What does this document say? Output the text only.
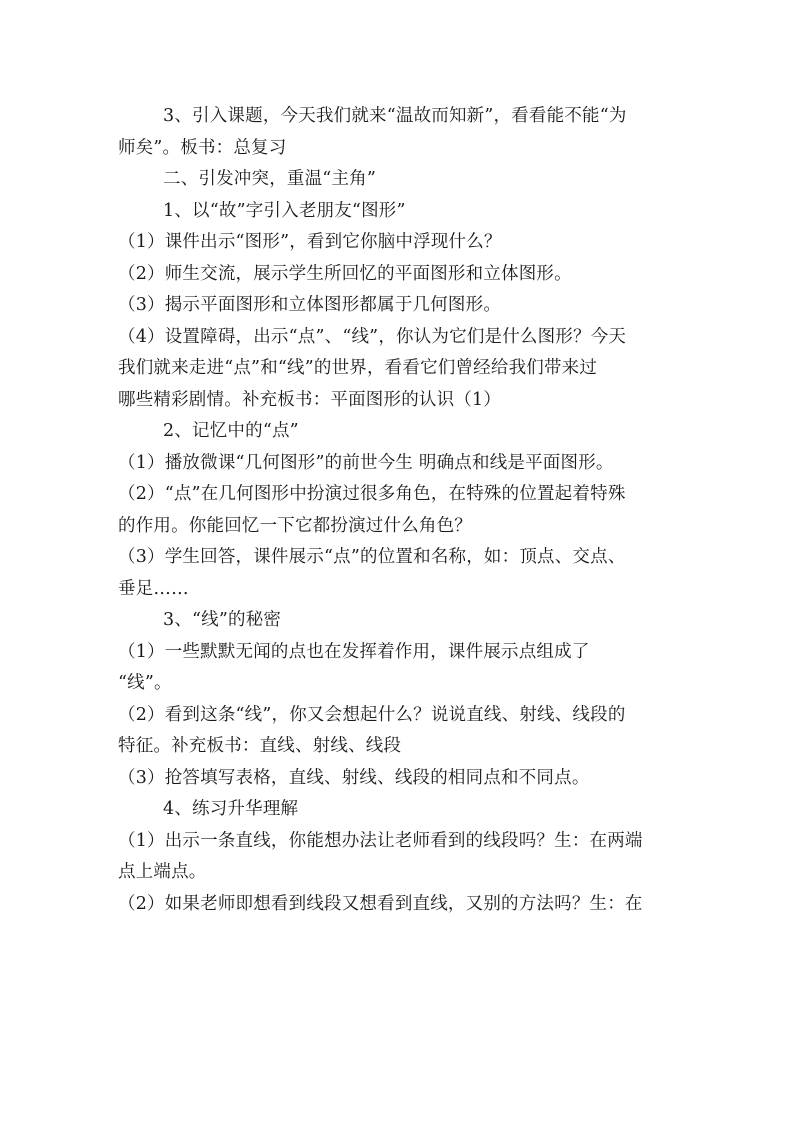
3、引入课题，今天我们就来“温故而知新”，看看能不能“为
师矣”。板书：总复习
二、引发冲突，重温“主角”
1、以“故”字引入老朋友“图形”
（1）课件出示“图形”，看到它你脑中浮现什么？
（2）师生交流，展示学生所回忆的平面图形和立体图形。
（3）揭示平面图形和立体图形都属于几何图形。
（4）设置障碍，出示“点”、“线”，你认为它们是什么图形？今天
我们就来走进“点”和“线”的世界，看看它们曾经给我们带来过
哪些精彩剧情。补充板书：平面图形的认识（1）
2、记忆中的“点”
（1）播放微课“几何图形”的前世今生 明确点和线是平面图形。
（2）“点”在几何图形中扮演过很多角色，在特殊的位置起着特殊
的作用。你能回忆一下它都扮演过什么角色？
（3）学生回答，课件展示“点”的位置和名称，如：顶点、交点、
垂足……
3、“线”的秘密
（1）一些默默无闻的点也在发挥着作用，课件展示点组成了
“线”。
（2）看到这条“线”，你又会想起什么？说说直线、射线、线段的
特征。补充板书：直线、射线、线段
（3）抢答填写表格，直线、射线、线段的相同点和不同点。
4、练习升华理解
（1）出示一条直线，你能想办法让老师看到的线段吗？生：在两端
点上端点。
（2）如果老师即想看到线段又想看到直线，又别的方法吗？生：在
